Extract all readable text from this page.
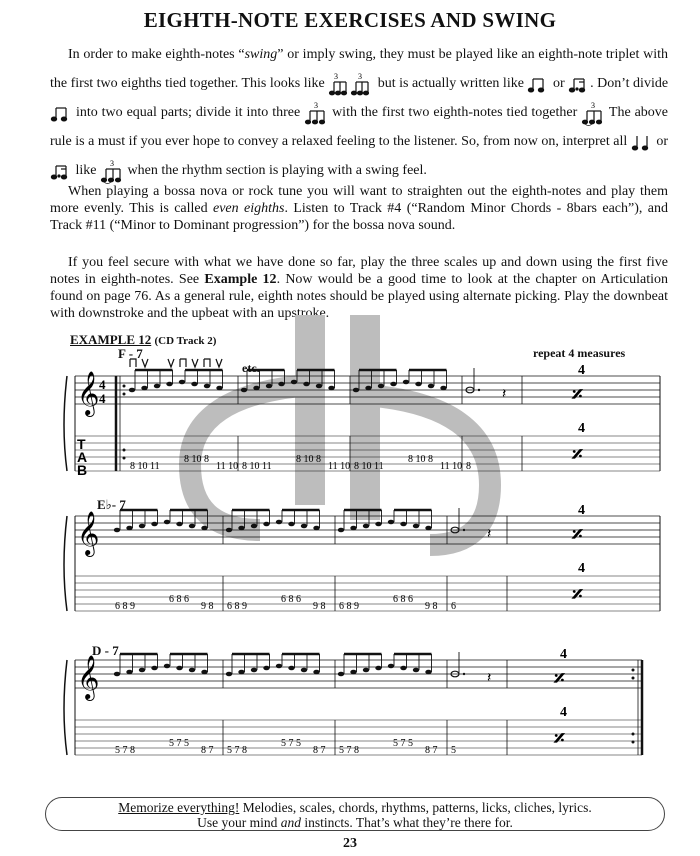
EIGHTH-NOTE EXERCISES AND SWING
In order to make eighth-notes “swing” or imply swing, they must be played like an eighth-note triplet with the first two eighths tied together. This looks like 3	3 but is actually written like or . Don’t divide  into two equal parts; divide it into three 3 with the first two eighth-notes tied together 3 The above rule is a must if you ever hope to convey a relaxed feeling to the listener. So, from now on, interpret all or  like 3 when the rhythm section is playing with a swing feel.
When playing a bossa nova or rock tune you will want to straighten out the eighth-notes and play them more evenly. This is called even eighths. Listen to Track #4 (“Random Minor Chords - 8bars each”), and Track #11 (“Minor to Dominant progression”) for the bossa nova sound.
If you feel secure with what we have done so far, play the three scales up and down using the first five notes in eighth-notes. See Example 12. Now would be a good time to look at the chapter on Articulation found on page 76. As a general rule, eighth notes should be played using alternate picking. Play the downbeat with downstroke and the upbeat with an upstroke.
EXAMPLE 12 (CD Track 2)
repeat 4 measures
F - 7
etc.
𝄞 4
4
T
A
B	8 10 11
8 10 8
11 10 8 10 11
8 10 8
11 10 8 10 11
8 10 8
11 10
𝄽
8
4
𝄎
4
𝄎
E♭- 7
𝄞
6 8 9
6 8 6
9 8 6 8 9
6 8 6
9 8 6 8 9
6 8 6
9 8
𝄽
6
4
𝄎
4
𝄎
D - 7
𝄞
5 7 8
5 7 5
8 7 5 7 8
5 7 5
8 7 5 7 8
5 7 5
8 7
𝄽
5
4
𝄎
4
𝄎
Memorize everything! Melodies, scales, chords, rhythms, patterns, licks, cliches, lyrics.
Use your mind and instincts. That’s what they’re there for.
23
